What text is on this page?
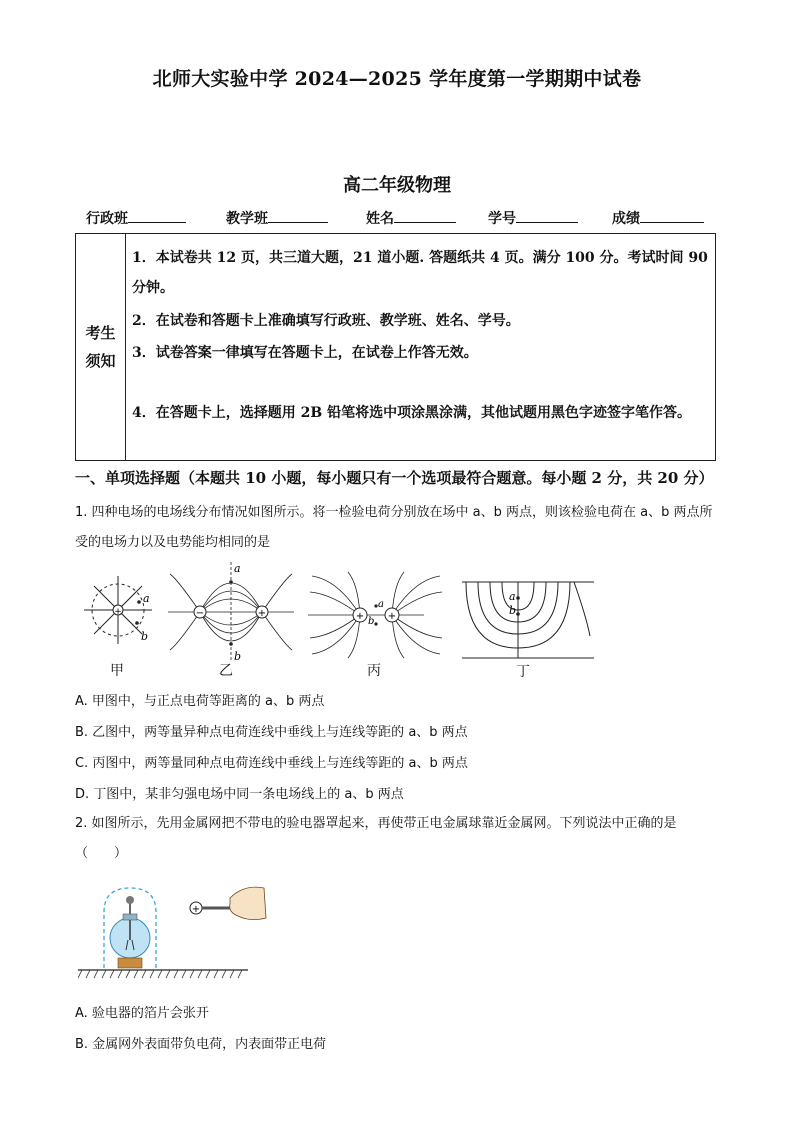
北师大实验中学 2024—2025 学年度第一学期期中试卷
高二年级物理
行政班	教学班	姓名	学号	成绩
考生
须知
1．本试卷共 12 页，共三道大题，21 道小题. 答题纸共 4 页。满分 100 分。考试时间 90 分钟。
2．在试卷和答题卡上准确填写行政班、教学班、姓名、学号。
3．试卷答案一律填写在答题卡上，在试卷上作答无效。
4．在答题卡上，选择题用 2B 铅笔将选中项涂黑涂满，其他试题用黑色字迹签字笔作答。
一、单项选择题（本题共 10 小题，每小题只有一个选项最符合题意。每小题 2 分，共 20 分）
1. 四种电场的电场线分布情况如图所示。将一检验电荷分别放在场中 a、b 两点，则该检验电荷在 a、b 两点所受的电场力以及电势能均相同的是
+
a
b
甲
−	+
a
b
乙
+ +
a
b
丙
a
b
丁
A. 甲图中，与正点电荷等距离的 a、b 两点
B. 乙图中，两等量异种点电荷连线中垂线上与连线等距的 a、b 两点
C. 丙图中，两等量同种点电荷连线中垂线上与连线等距的 a、b 两点
D. 丁图中，某非匀强电场中同一条电场线上的 a、b 两点
2. 如图所示，先用金属网把不带电的验电器罩起来，再使带正电金属球靠近金属网。下列说法中正确的是（　　）
+
A. 验电器的箔片会张开
B. 金属网外表面带负电荷，内表面带正电荷
